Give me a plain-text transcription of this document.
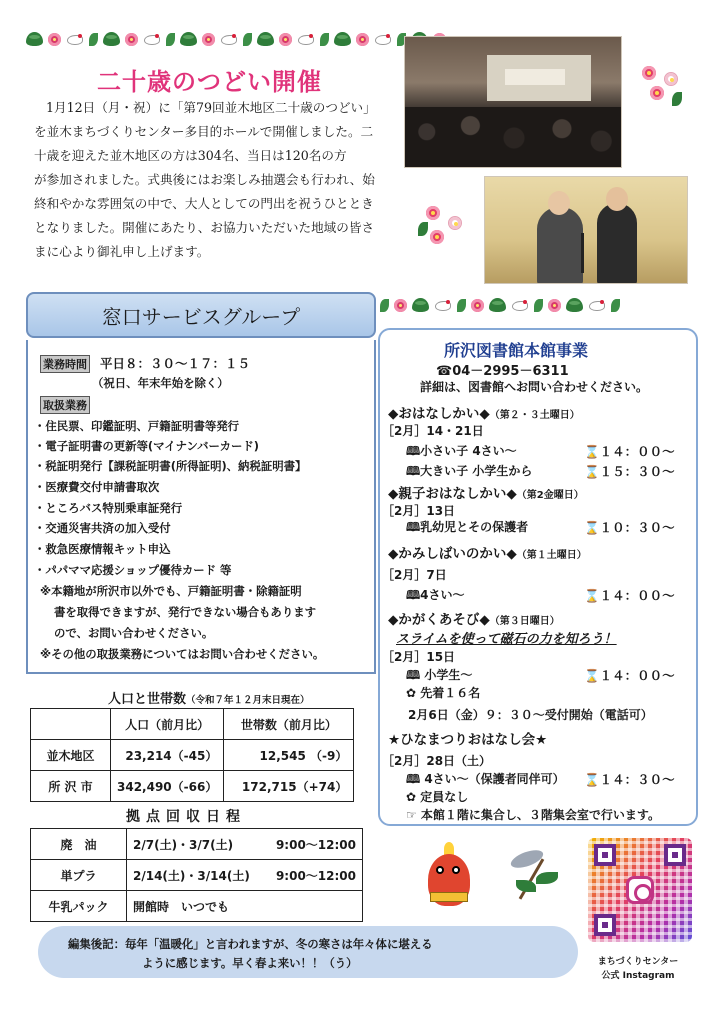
二十歳のつどい開催
1月12日（月・祝）に「第79回並木地区二十歳のつどい」
を並木まちづくりセンター多目的ホールで開催しました。二
十歳を迎えた並木地区の方は304名、当日は120名の方
が参加されました。式典後にはお楽しみ抽選会も行われ、始
終和やかな雰囲気の中で、大人としての門出を祝うひととき
となりました。開催にあたり、お協力いただいた地域の皆さ
まに心より御礼申し上げます。
窓口サービスグループ
業務時間 平日８：３０～１７：１５
（祝日、年末年始を除く）
取扱業務
・住民票、印鑑証明、戸籍証明書等発行
・電子証明書の更新等(マイナンバーカード)
・税証明発行【課税証明書(所得証明)、納税証明書】
・医療費交付申請書取次
・ところバス特別乗車証発行
・交通災害共済の加入受付
・救急医療情報キット申込
・パパママ応援ショップ優待カード 等
※本籍地が所沢市以外でも、戸籍証明書・除籍証明
書を取得できますが、発行できない場合もあります
ので、お問い合わせください。
※その他の取扱業務についてはお問い合わせください。
人口と世帯数（令和７年１２月末日現在）
	人口（前月比）	世帯数（前月比）
並木地区	23,214（-45）	12,545 （-9）
所 沢 市	342,490（-66）	172,715（+74）
拠点回収日程
廃　油	2/7(土)・3/7(土)	9:00～12:00
単プラ	2/14(土)・3/14(土)	9:00～12:00
牛乳パック	開館時　いつでも	
所沢図書館本館事業
☎04－2995－6311
詳細は、図書館へお問い合わせください。
◆おはなしかい◆（第２・３土曜日）
［2月］14・21日
🕮小さい子 4さい～	⌛１４：００～
🕮大きい子 小学生から	⌛１５：３０～
◆親子おはなしかい◆（第2金曜日）
［2月］13日
🕮乳幼児とその保護者	⌛１０：３０～
◆かみしばいのかい◆（第１土曜日）
［2月］7日
🕮4さい～	⌛１４：００～
◆かがくあそび◆（第３日曜日）
スライムを使って磁石の力を知ろう！
［2月］15日
🕮 小学生～	⌛１４：００～
✿ 先着１６名
2月6日（金）９：３０～受付開始（電話可）
★ひなまつりおはなし会★
［2月］28日（土）
🕮 4さい～（保護者同伴可） ⌛１４：３０～
✿ 定員なし
☞ 本館１階に集合し、３階集会室で行います。
編集後記：毎年「温暖化」と言われますが、冬の寒さは年々体に堪える
ように感じます。早く春よ来い！！（う）	まちづくりセンター
公式 Instagram
